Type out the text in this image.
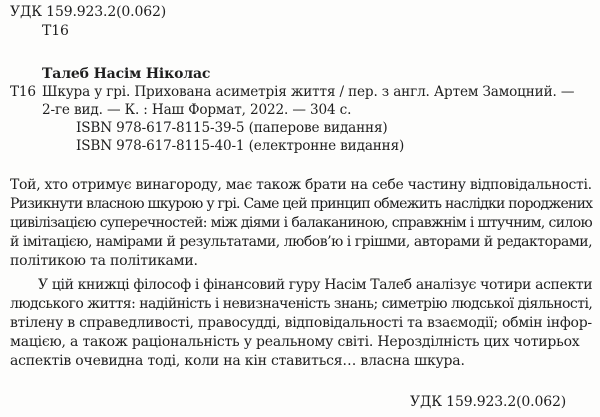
УДК 159.923.2(0.062)
Т16
Талеб Насім Ніколас
Т16 Шкура у грі. Прихована асиметрія життя / пер. з англ. Артем Замоцний. —
2-ге вид. — К. : Наш Формат, 2022. — 304 с.
ISBN 978-617-8115-39-5 (паперове видання)
ISBN 978-617-8115-40-1 (електронне видання)
Той, хто отримує винагороду, має також брати на себе частину відповідальності.
Ризикнути власною шкурою у грі. Саме цей принцип обмежить наслідки породжених
цивілізацією суперечностей: між діями і балаканиною, справжнім і штучним, силою
й імітацією, намірами й результатами, любов’ю і грішми, авторами й редакторами,
політикою та політиками.
У цій книжці філософ і фінансовий гуру Насім Талеб аналізує чотири аспекти
людського життя: надійність і невизначеність знань; симетрію людської діяльності,
втілену в справедливості, правосудді, відповідальності та взаємодії; обмін інфор-
мацією, а також раціональність у реальному світі. Нерозділність цих чотирьох
аспектів очевидна тоді, коли на кін ставиться… власна шкура.
УДК 159.923.2(0.062)
